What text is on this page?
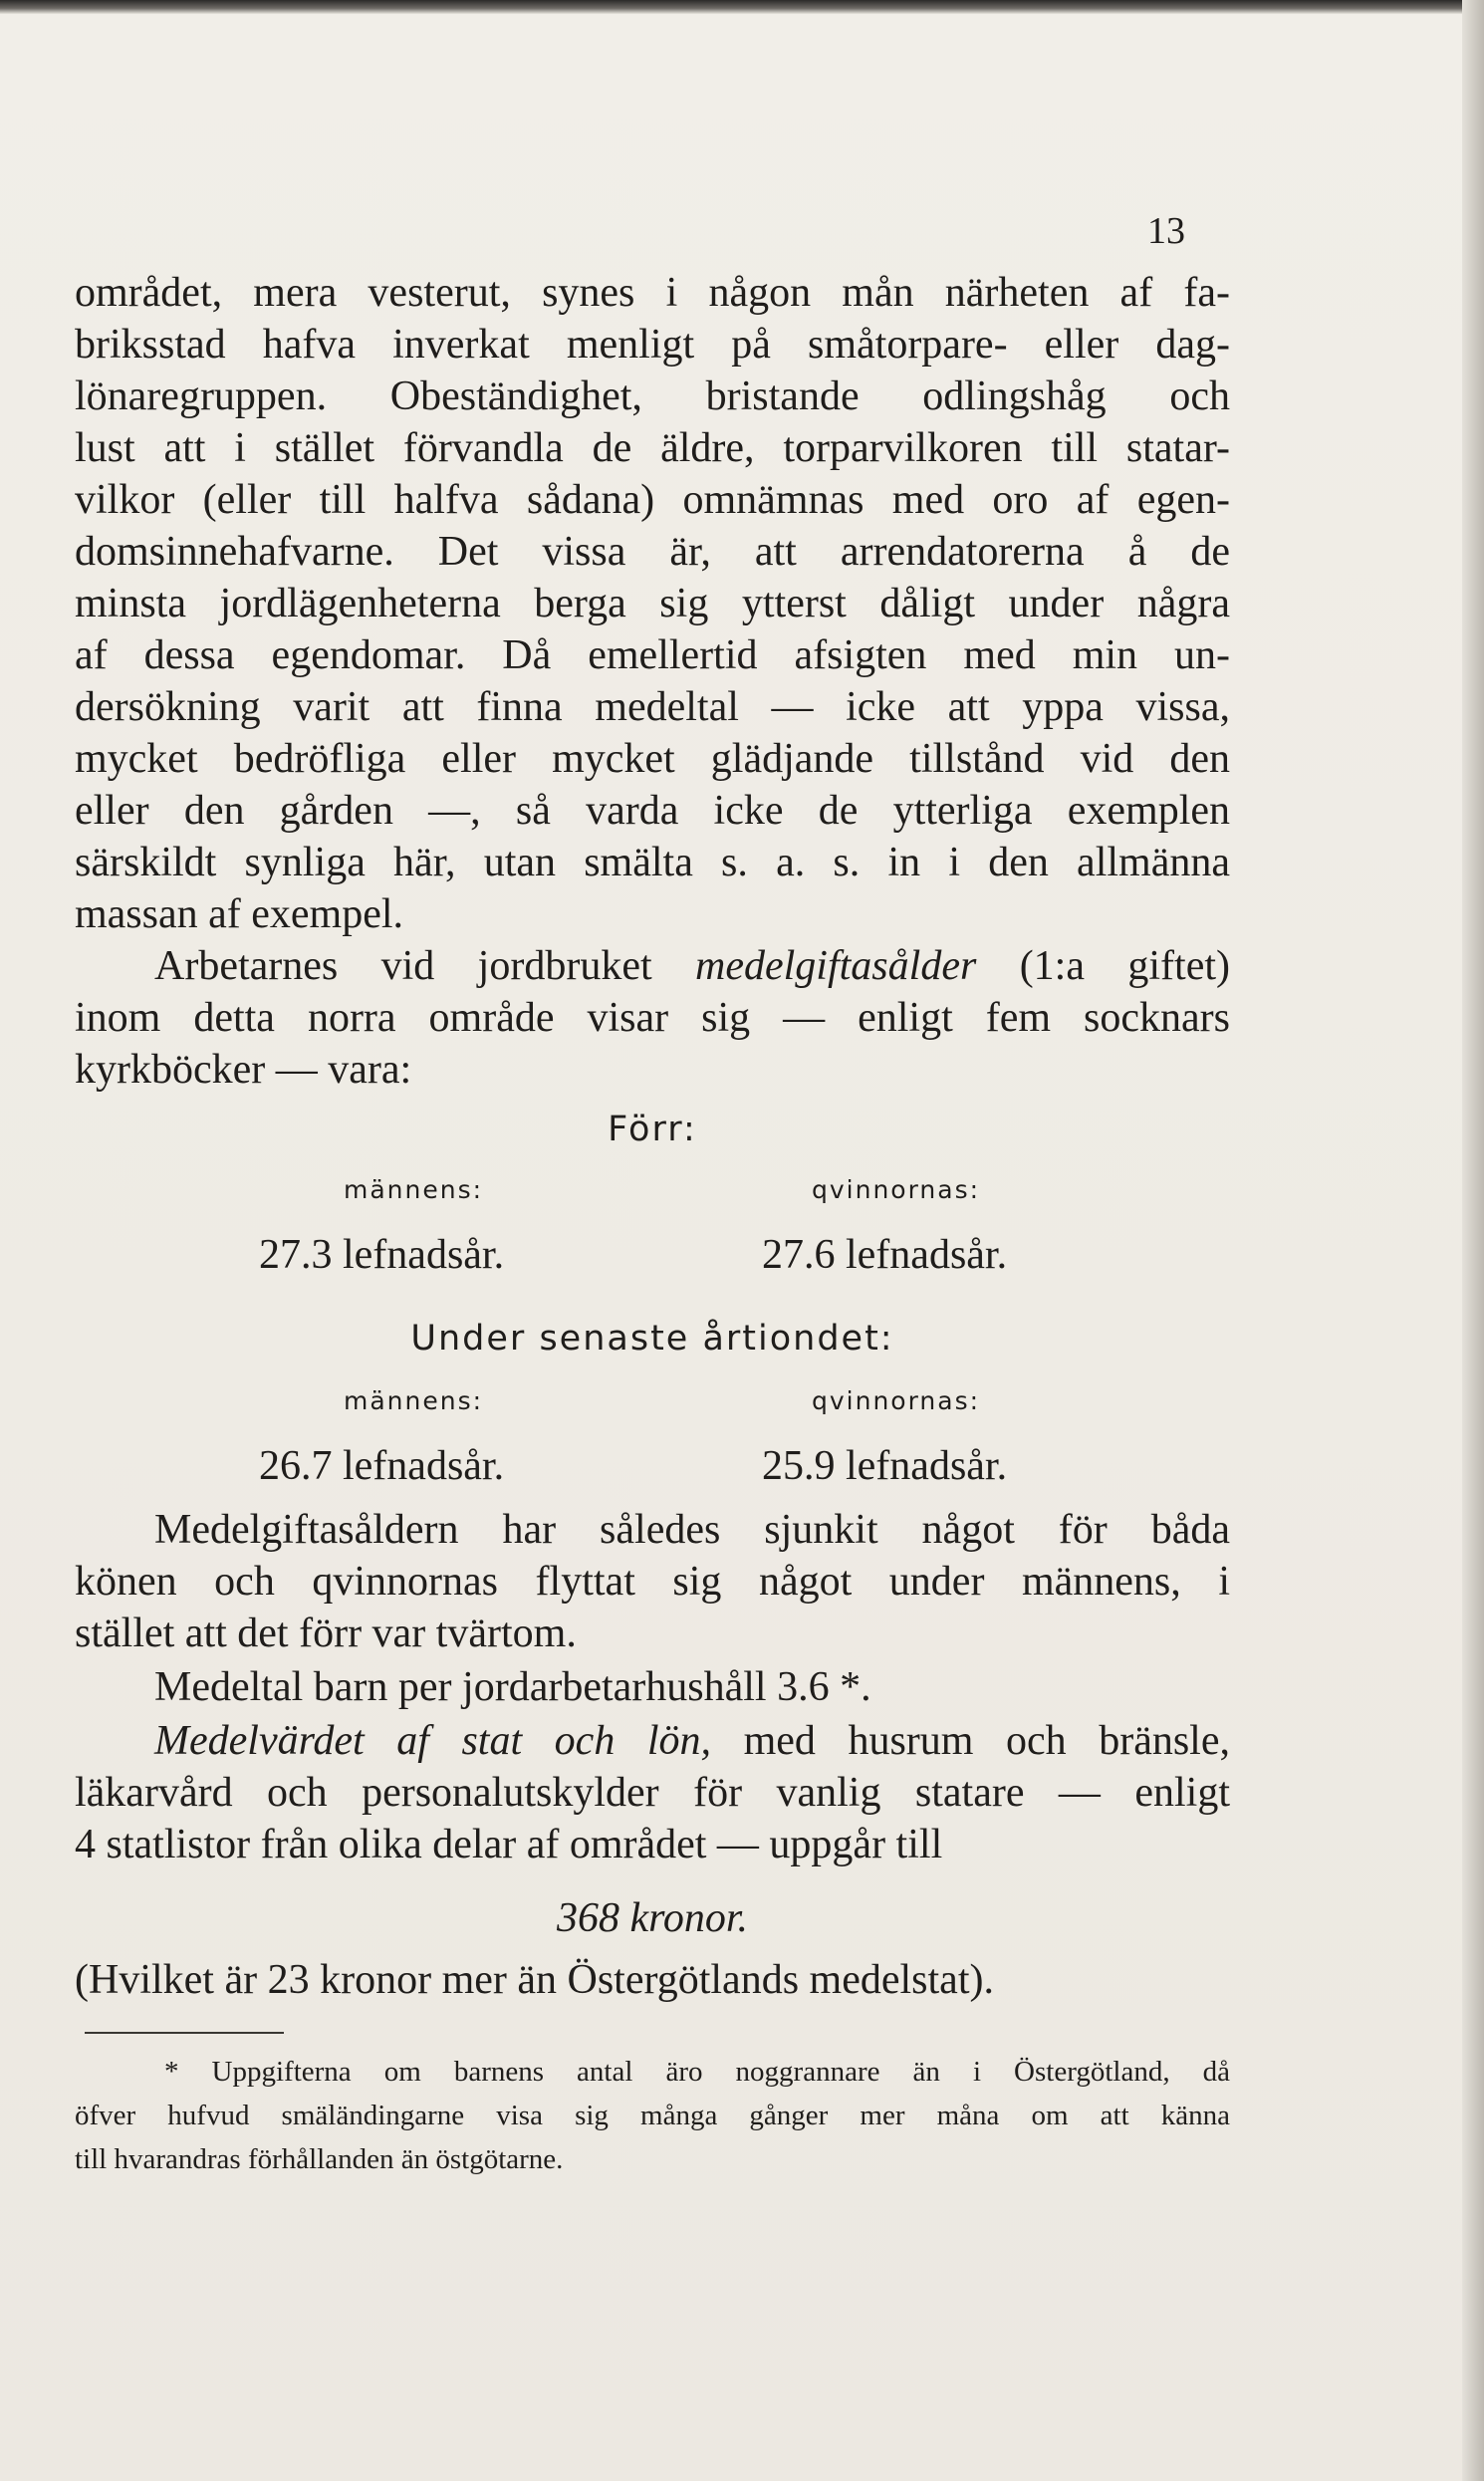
13
området, mera vesterut, synes i någon mån närheten af fa-
briksstad hafva inverkat menligt på småtorpare- eller dag-
lönaregruppen. Obeständighet, bristande odlingshåg och
lust att i stället förvandla de äldre, torparvilkoren till statar-
vilkor (eller till halfva sådana) omnämnas med oro af egen-
domsinnehafvarne. Det vissa är, att arrendatorerna å de
minsta jordlägenheterna berga sig ytterst dåligt under några
af dessa egendomar. Då emellertid afsigten med min un-
dersökning varit att finna medeltal — icke att yppa vissa,
mycket bedröfliga eller mycket glädjande tillstånd vid den
eller den gården —, så varda icke de ytterliga exemplen
särskildt synliga här, utan smälta s. a. s. in i den allmänna
massan af exempel.
Arbetarnes vid jordbruket medelgiftasålder (1:a giftet)
inom detta norra område visar sig — enligt fem socknars
kyrkböcker — vara:
Förr:
männens:	qvinnornas:
27.3 lefnadsår.	27.6 lefnadsår.
Under senaste årtiondet:
männens:	qvinnornas:
26.7 lefnadsår.	25.9 lefnadsår.
Medelgiftasåldern har således sjunkit något för båda
könen och qvinnornas flyttat sig något under männens, i
stället att det förr var tvärtom.
Medeltal barn per jordarbetarhushåll 3.6 *.
Medelvärdet af stat och lön, med husrum och bränsle,
läkarvård och personalutskylder för vanlig statare — enligt
4 statlistor från olika delar af området — uppgår till
368 kronor.
(Hvilket är 23 kronor mer än Östergötlands medelstat).
* Uppgifterna om barnens antal äro noggrannare än i Östergötland, då
öfver hufvud smäländingarne visa sig många gånger mer måna om att känna
till hvarandras förhållanden än östgötarne.
